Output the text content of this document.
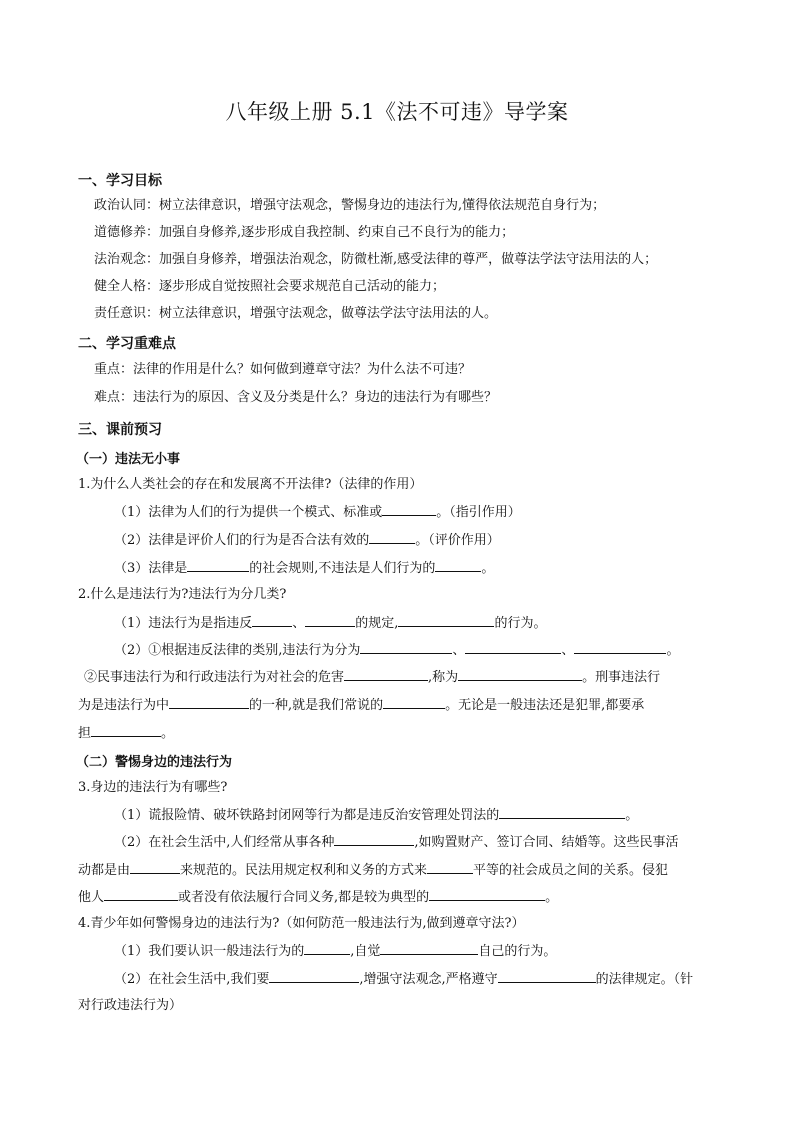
八年级上册 5.1《法不可违》导学案
一、学习目标
政治认同：树立法律意识，增强守法观念，警惕身边的违法行为,懂得依法规范自身行为；
道德修养：加强自身修养,逐步形成自我控制、约束自己不良行为的能力；
法治观念：加强自身修养，增强法治观念，防微杜渐,感受法律的尊严，做尊法学法守法用法的人；
健全人格：逐步形成自觉按照社会要求规范自己活动的能力；
责任意识：树立法律意识，增强守法观念，做尊法学法守法用法的人。
二、学习重难点
重点：法律的作用是什么？如何做到遵章守法？为什么法不可违？
难点：违法行为的原因、含义及分类是什么？身边的违法行为有哪些？
三、课前预习
（一）违法无小事
1.为什么人类社会的存在和发展离不开法律?（法律的作用）
（1）法律为人们的行为提供一个模式、标准或	。（指引作用）
（2）法律是评价人们的行为是否合法有效的	。（评价作用）
（3）法律是	的社会规则,不违法是人们行为的	。
2.什么是违法行为?违法行为分几类?
（1）违法行为是指违反	、	的规定,	的行为。
（2）①根据违反法律的类别,违法行为分为	、	、	。
②民事违法行为和行政违法行为对社会的危害	,称为	。刑事违法行
为是违法行为中	的一种,就是我们常说的	。无论是一般违法还是犯罪,都要承
担	。
（二）警惕身边的违法行为
3.身边的违法行为有哪些?
（1）谎报险情、破坏铁路封闭网等行为都是违反治安管理处罚法的	。
（2）在社会生活中,人们经常从事各种	,如购置财产、签订合同、结婚等。这些民事活
动都是由	来规范的。民法用规定权利和义务的方式来	平等的社会成员之间的关系。侵犯
他人	或者没有依法履行合同义务,都是较为典型的	。
4.青少年如何警惕身边的违法行为?（如何防范一般违法行为,做到遵章守法?）
（1）我们要认识一般违法行为的	,自觉	自己的行为。
（2）在社会生活中,我们要	,增强守法观念,严格遵守	的法律规定。（针
对行政违法行为）
